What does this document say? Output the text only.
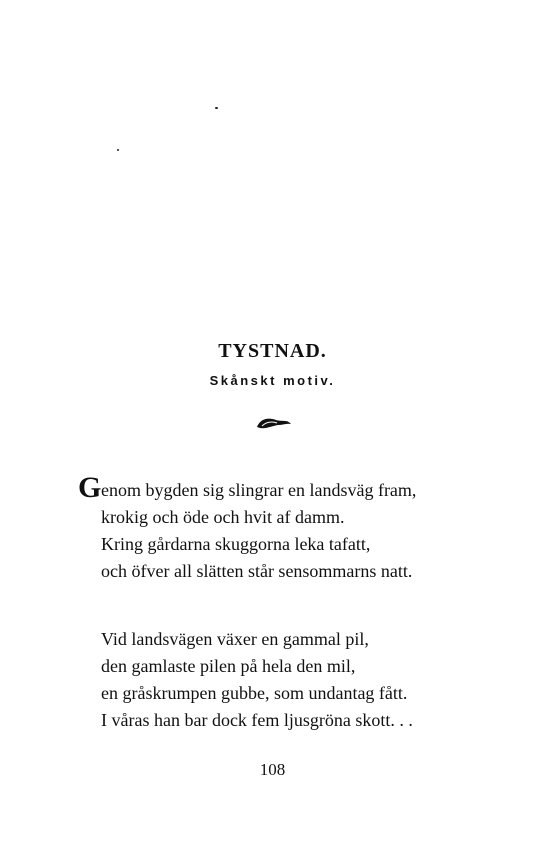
TYSTNAD.
Skånskt motiv.
G enom bygden sig slingrar en landsväg fram,
krokig och öde och hvit af damm.
Kring gårdarna skuggorna leka tafatt,
och öfver all slätten står sensommarns natt.
Vid landsvägen växer en gammal pil,
den gamlaste pilen på hela den mil,
en gråskrumpen gubbe, som undantag fått.
I våras han bar dock fem ljusgröna skott. . .
108
